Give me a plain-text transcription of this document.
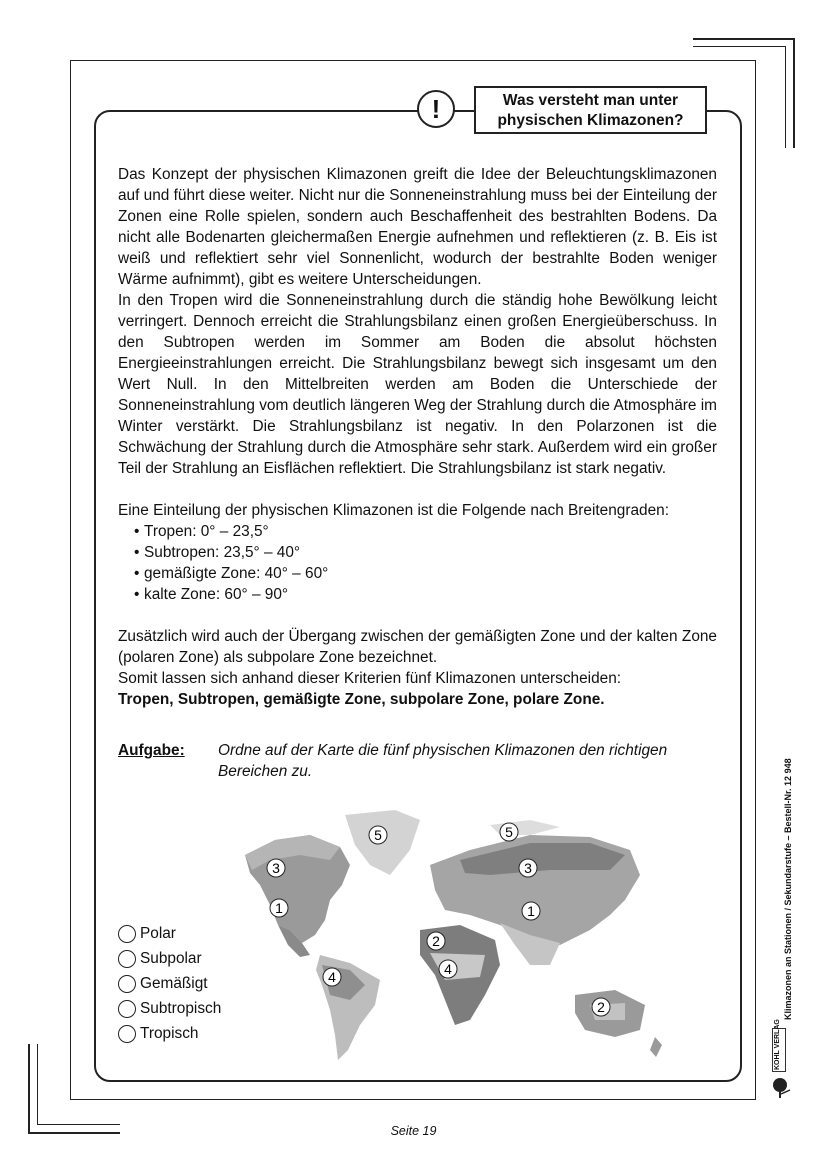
!	Was versteht man unter
physischen Klimazonen?

Das Konzept der physischen Klimazonen greift die Idee der Beleuchtungsklimazonen auf und führt diese weiter. Nicht nur die Sonneneinstrahlung muss bei der Einteilung der Zonen eine Rolle spielen, sondern auch Beschaffenheit des bestrahlten Bodens. Da nicht alle Bodenarten gleichermaßen Energie aufnehmen und reflektieren (z. B. Eis ist weiß und reflektiert sehr viel Sonnenlicht, wodurch der bestrahlte Boden weniger Wärme aufnimmt), gibt es weitere Unterscheidungen.

In den Tropen wird die Sonneneinstrahlung durch die ständig hohe Bewölkung leicht verringert. Dennoch erreicht die Strahlungsbilanz einen großen Energieüberschuss. In den Subtropen werden im Sommer am Boden die absolut höchsten Energieeinstrahlungen erreicht. Die Strahlungsbilanz bewegt sich insgesamt um den Wert Null. In den Mittelbreiten werden am Boden die Unterschiede der Sonneneinstrahlung vom deutlich längeren Weg der Strahlung durch die Atmosphäre im Winter verstärkt. Die Strahlungsbilanz ist negativ. In den Polarzonen ist die Schwächung der Strahlung durch die Atmosphäre sehr stark. Außerdem wird ein großer Teil der Strahlung an Eisflächen reflektiert. Die Strahlungsbilanz ist stark negativ.

Eine Einteilung der physischen Klimazonen ist die Folgende nach Breitengraden:

• Tropen: 0° – 23,5°
• Subtropen: 23,5° – 40°
• gemäßigte Zone: 40° – 60°
• kalte Zone: 60° – 90°

Zusätzlich wird auch der Übergang zwischen der gemäßigten Zone und der kalten Zone (polaren Zone) als subpolare Zone bezeichnet.

Somit lassen sich anhand dieser Kriterien fünf Klimazonen unterscheiden:
Tropen, Subtropen, gemäßigte Zone, subpolare Zone, polare Zone.

Aufgabe: Ordne auf der Karte die fünf physischen Klimazonen den richtigen Bereichen zu.
5	5
3	3
1	1
2
2
4	4
Polar
Subpolar
Gemäßigt
Subtropisch
Tropisch
Klimazonen an Stationen / Sekundarstufe – Bestell-Nr. 12 948
KOHL VERLAG
Seite 19
